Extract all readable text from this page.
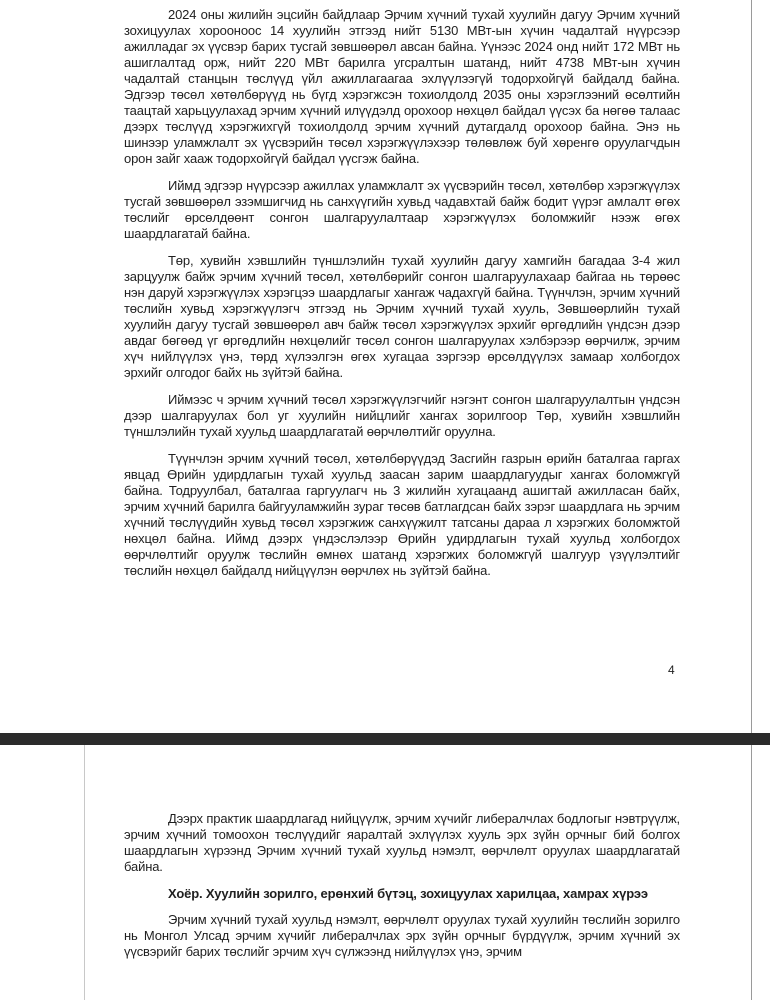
2024 оны жилийн эцсийн байдлаар Эрчим хүчний тухай хуулийн дагуу Эрчим хүчний зохицуулах хорооноос 14 хуулийн этгээд нийт 5130 МВт-ын хүчин чадалтай нүүрсээр ажилладаг эх үүсвэр барих тусгай зөвшөөрөл авсан байна. Үүнээс 2024 онд нийт 172 МВт нь ашиглалтад орж, нийт 220 МВт барилга угсралтын шатанд, нийт 4738 МВт-ын хүчин чадалтай станцын төслүүд үйл ажиллагаагаа эхлүүлээгүй тодорхойгүй байдалд байна. Эдгээр төсөл хөтөлбөрүүд нь бүгд хэрэгжсэн тохиолдолд 2035 оны хэрэглээний өсөлтийн таацтай харьцуулахад эрчим хүчний илүүдэлд орохоор нөхцөл байдал үүсэх ба нөгөө талаас дээрх төслүүд хэрэгжихгүй тохиолдолд эрчим хүчний дутагдалд орохоор байна. Энэ нь шинээр уламжлалт эх үүсвэрийн төсөл хэрэгжүүлэхээр төлөвлөж буй хөренгө оруулагчдын орон зайг хааж тодорхойгүй байдал үүсгэж байна.

Иймд эдгээр нүүрсээр ажиллах уламжлалт эх үүсвэрийн төсөл, хөтөлбөр хэрэгжүүлэх тусгай зөвшөөрөл эзэмшигчид нь санхүүгийн хувьд чадавхтай байж бодит үүрэг амлалт өгөх төслийг өрсөлдөөнт сонгон шалгаруулалтаар хэрэгжүүлэх боломжийг нээж өгөх шаардлагатай байна.

Төр, хувийн хэвшлийн түншлэлийн тухай хуулийн дагуу хамгийн багадаа 3-4 жил зарцуулж байж эрчим хүчний төсөл, хөтөлбөрийг сонгон шалгаруулахаар байгаа нь төрөөс нэн даруй хэрэгжүүлэх хэрэгцээ шаардлагыг хангаж чадахгүй байна. Түүнчлэн, эрчим хүчний төслийн хувьд хэрэгжүүлэгч этгээд нь Эрчим хүчний тухай хууль, Зөвшөөрлийн тухай хуулийн дагуу тусгай зөвшөөрөл авч байж төсөл хэрэгжүүлэх эрхийг өргөдлийн үндсэн дээр авдаг бөгөөд үг өргөдлийн нөхцөлийг төсөл сонгон шалгаруулах хэлбэрээр өөрчилж, эрчим хүч нийлүүлэх үнэ, төрд хүлээлгэн өгөх хугацаа зэргээр өрсөлдүүлэх замаар холбогдох эрхийг олгодог байх нь зүйтэй байна.

Иймээс ч эрчим хүчний төсөл хэрэгжүүлэгчийг нэгэнт сонгон шалгаруулалтын үндсэн дээр шалгаруулах бол уг хуулийн нийцлийг хангах зорилгоор Төр, хувийн хэвшлийн түншлэлийн тухай хуульд шаардлагатай өөрчлөлтийг оруулна.

Түүнчлэн эрчим хүчний төсөл, хөтөлбөрүүдэд Засгийн газрын өрийн баталгаа гаргах явцад Өрийн удирдлагын тухай хуульд заасан зарим шаардлагуудыг хангах боломжгүй байна. Тодруулбал, баталгаа гаргуулагч нь 3 жилийн хугацаанд ашигтай ажилласан байх, эрчим хүчний барилга байгууламжийн зураг төсөв батлагдсан байх зэрэг шаардлага нь эрчим хүчний төслүүдийн хувьд төсөл хэрэгжиж санхүүжилт татсаны дараа л хэрэгжих боломжтой нөхцөл байна. Иймд дээрх үндэслэлээр Өрийн удирдлагын тухай хуульд холбогдох өөрчлөлтийг оруулж төслийн өмнөх шатанд хэрэгжих боломжгүй шалгуур үзүүлэлтийг төслийн нөхцөл байдалд нийцүүлэн өөрчлөх нь зүйтэй байна.

4

Дээрх практик шаардлагад нийцүүлж, эрчим хүчийг либералчлах бодлогыг нэвтрүүлж, эрчим хүчний томоохон төслүүдийг яаралтай эхлүүлэх хууль эрх зүйн орчныг бий болгох шаардлагын хүрээнд Эрчим хүчний тухай хуульд нэмэлт, өөрчлөлт оруулах шаардлагатай байна.

Хоёр. Хуулийн зорилго, ерөнхий бүтэц, зохицуулах харилцаа, хамрах хүрээ

Эрчим хүчний тухай хуульд нэмэлт, өөрчлөлт оруулах тухай хуулийн төслийн зорилго нь Монгол Улсад эрчим хүчийг либералчлах эрх зүйн орчныг бүрдүүлж, эрчим хүчний эх үүсвэрийг барих төслийг эрчим хүч сүлжээнд нийлүүлэх үнэ, эрчим
